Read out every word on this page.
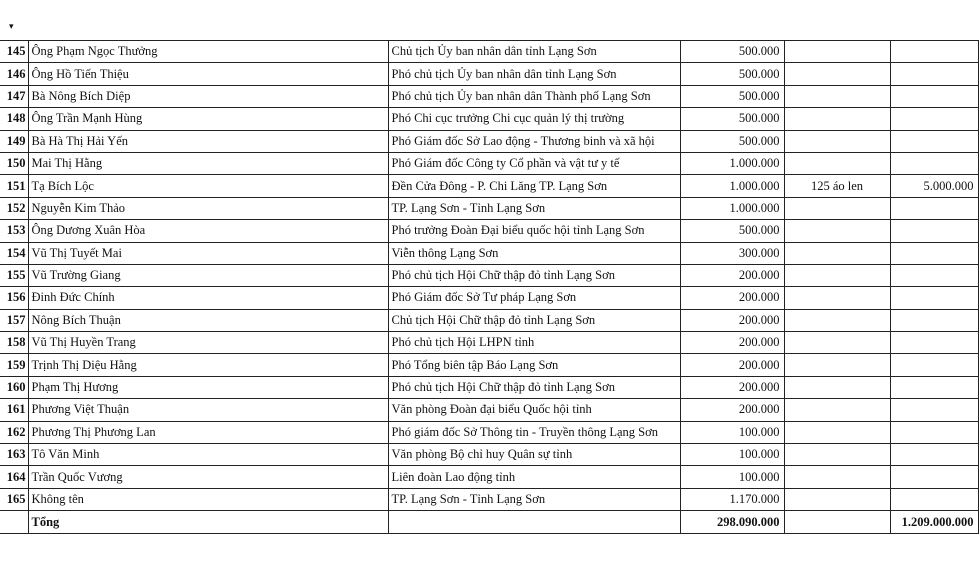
▾
145	Ông Phạm Ngọc Thưởng	Chủ tịch Ủy ban nhân dân tỉnh Lạng Sơn	500.000		
146	Ông Hồ Tiến Thiệu	Phó chủ tịch Ủy ban nhân dân tỉnh Lạng Sơn	500.000		
147	Bà Nông Bích Diệp	Phó chủ tịch Ủy ban nhân dân Thành phố Lạng Sơn	500.000		
148	Ông Trần Mạnh Hùng	Phó Chi cục trưởng Chi cục quản lý thị trường	500.000		
149	Bà Hà Thị Hải Yến	Phó Giám đốc Sở Lao động - Thương binh và xã hội	500.000		
150	Mai Thị Hằng	Phó Giám đốc Công ty Cổ phần và vật tư y tế	1.000.000		
151	Tạ Bích Lộc	Đền Cửa Đông - P. Chi Lăng TP. Lạng Sơn	1.000.000	125 áo len	5.000.000
152	Nguyễn Kim Thảo	TP. Lạng Sơn - Tỉnh Lạng Sơn	1.000.000		
153	Ông Dương Xuân Hòa	Phó trưởng Đoàn Đại biểu quốc hội tỉnh Lạng Sơn	500.000		
154	Vũ Thị Tuyết Mai	Viễn thông Lạng Sơn	300.000		
155	Vũ Trường Giang	Phó chủ tịch Hội Chữ thập đỏ tỉnh Lạng Sơn	200.000		
156	Đinh Đức Chính	Phó Giám đốc Sở Tư pháp Lạng Sơn	200.000		
157	Nông Bích Thuận	Chủ tịch Hội Chữ thập đỏ tỉnh Lạng Sơn	200.000		
158	Vũ Thị Huyền Trang	Phó chủ tịch Hội LHPN tỉnh	200.000		
159	Trịnh Thị Diệu Hằng	Phó Tổng biên tập Báo Lạng Sơn	200.000		
160	Phạm Thị Hương	Phó chủ tịch Hội Chữ thập đỏ tỉnh Lạng Sơn	200.000		
161	Phương Việt Thuận	Văn phòng Đoàn đại biểu Quốc hội tỉnh	200.000		
162	Phương Thị Phương Lan	Phó giám đốc Sở Thông tin - Truyền thông Lạng Sơn	100.000		
163	Tô Văn Minh	Văn phòng Bộ chỉ huy Quân sự tỉnh	100.000		
164	Trần Quốc Vương	Liên đoàn Lao động tỉnh	100.000		
165	Không tên	TP. Lạng Sơn - Tỉnh Lạng Sơn	1.170.000		
	Tổng		298.090.000		1.209.000.000
